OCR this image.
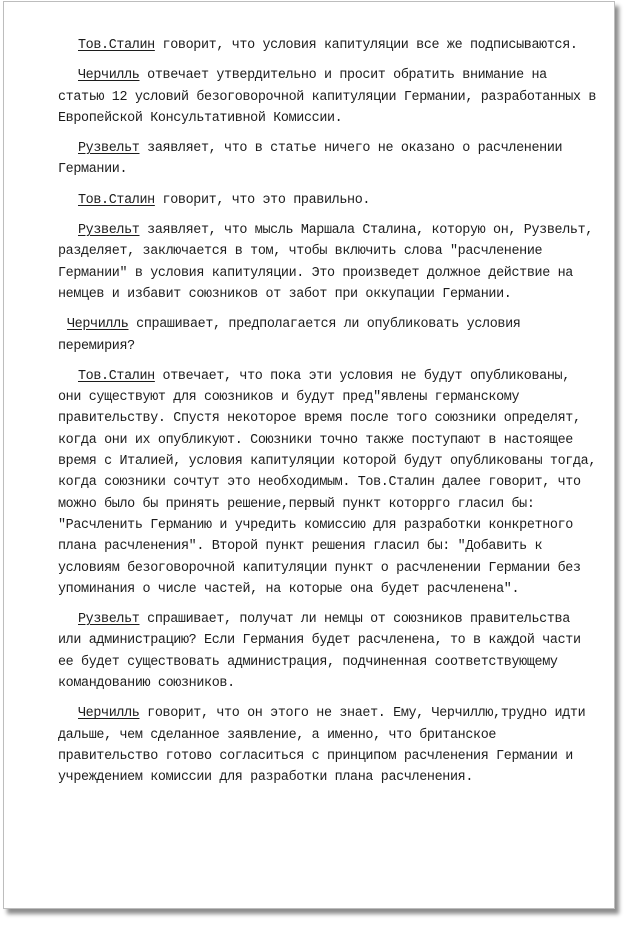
Тов.Сталин говорит, что условия капитуляции все же подписываются.

Черчилль отвечает утвердительно и просит обратить внимание на статью 12 условий безоговорочной капитуляции Германии, разработанных в Европейской Консультативной Комиссии.

Рузвельт заявляет, что в статье ничего не оказано о расчленении Германии.

Тов.Сталин говорит, что это правильно.

Рузвельт заявляет, что мысль Маршала Сталина, которую он, Рузвельт, разделяет, заключается в том, чтобы включить слова "расчленение Германии" в условия капитуляции. Это произведет должное действие на немцев и избавит союзников от забот при оккупации Германии.

Черчилль спрашивает, предполагается ли опубликовать условия перемирия?

Тов.Сталин отвечает, что пока эти условия не будут опубликованы, они существуют для союзников и будут пред"явлены германскому правительству. Спустя некоторое время после того союзники определят, когда они их опубликуют. Союзники точно также поступают в настоящее время с Италией, условия капитуляции которой будут опубликованы тогда, когда союзники сочтут это необходимым. Тов.Сталин далее говорит, что можно было бы принять решение,первый пункт которрго гласил бы: "Расчленить Германию и учредить комиссию для разработки конкретного плана расчленения". Второй пункт решения гласил бы: "Добавить к условиям безоговорочной капитуляции пункт о расчленении Германии без упоминания о числе частей, на которые она будет расчленена".

Рузвельт спрашивает, получат ли немцы от союзников правительства или администрацию? Если Германия будет расчленена, то в каждой части ее будет существовать администрация, подчиненная соответствующему командованию союзников.

Черчилль говорит, что он этого не знает. Ему, Черчиллю,трудно идти дальше, чем сделанное заявление, а именно, что британское правительство готово согласиться с принципом расчленения Германии и учреждением комиссии для разработки плана расчленения.
